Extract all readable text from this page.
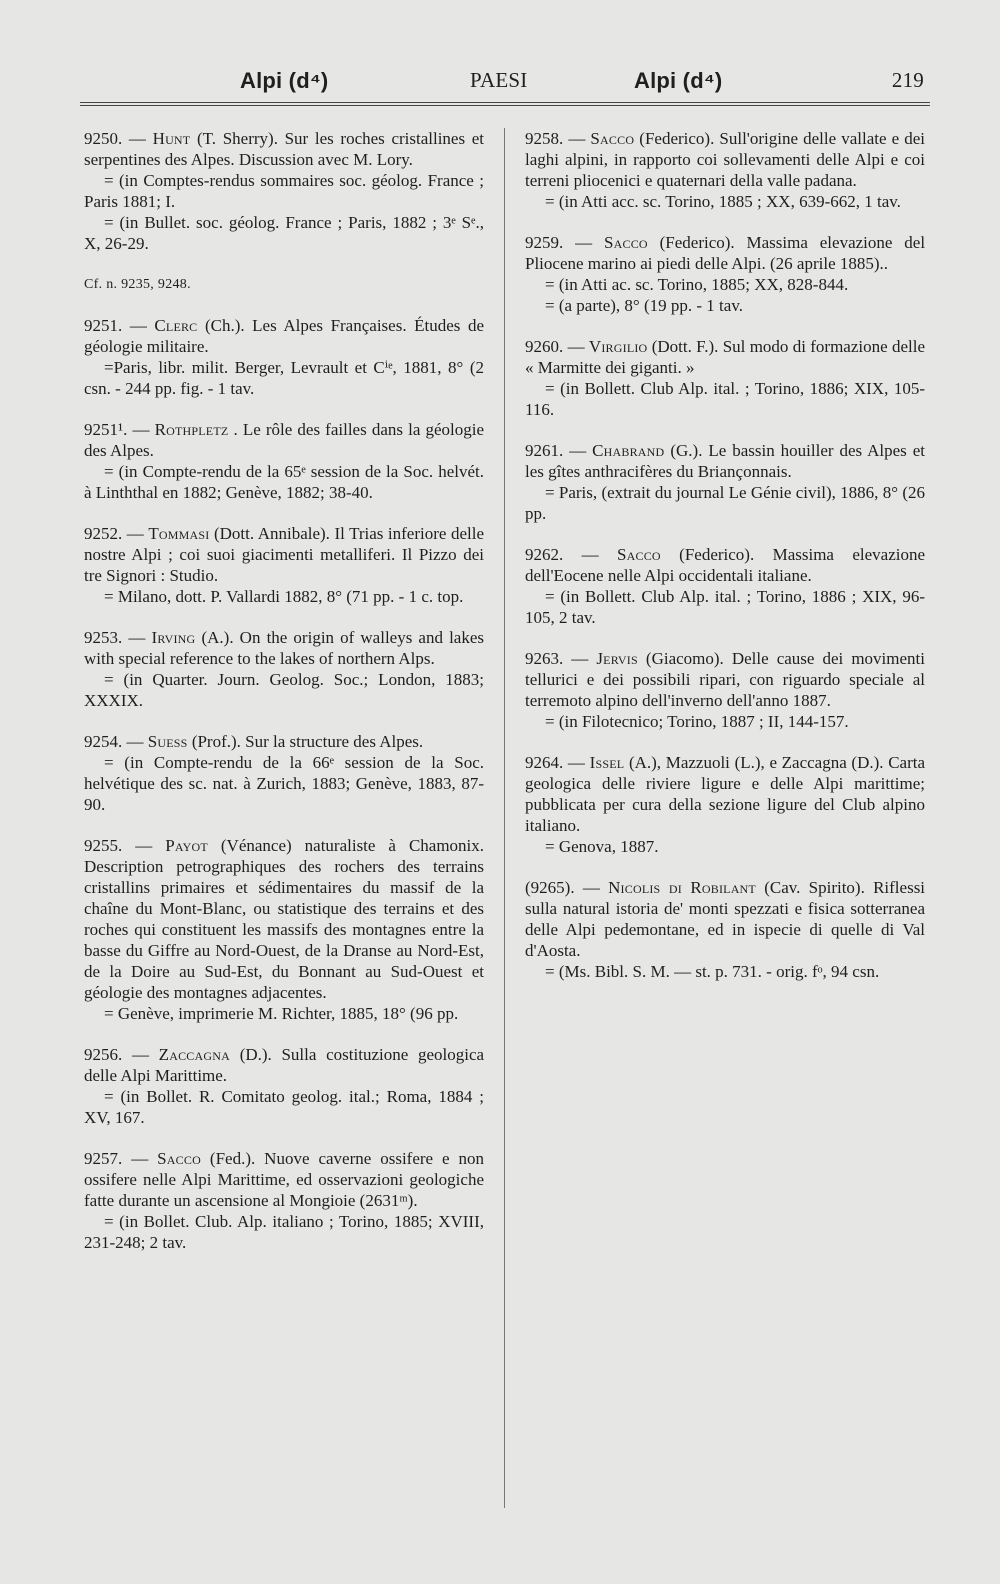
Alpi (d⁴)	PAESI	Alpi (d⁴)	219

9250. — Hunt (T. Sherry). Sur les roches cristallines et serpentines des Alpes. Discussion avec M. Lory.

= (in Comptes-rendus sommaires soc. géolog. France ; Paris 1881; I.

= (in Bullet. soc. géolog. France ; Paris, 1882 ; 3ᵉ Sᵉ., X, 26-29.

Cf. n. 9235, 9248.

9251. — Clerc (Ch.). Les Alpes Françaises. Études de géologie militaire.

=Paris, libr. milit. Berger, Levrault et Cⁱᵉ, 1881, 8° (2 csn. - 244 pp. fig. - 1 tav.

9251¹. — Rothpletz . Le rôle des failles dans la géologie des Alpes.

= (in Compte-rendu de la 65ᵉ session de la Soc. helvét. à Linththal en 1882; Genève, 1882; 38-40.

9252. — Tommasi (Dott. Annibale). Il Trias inferiore delle nostre Alpi ; coi suoi giacimenti metalliferi. Il Pizzo dei tre Signori : Studio.

= Milano, dott. P. Vallardi 1882, 8° (71 pp. - 1 c. top.

9253. — Irving (A.). On the origin of walleys and lakes with special reference to the lakes of northern Alps.

= (in Quarter. Journ. Geolog. Soc.; London, 1883; XXXIX.

9254. — Suess (Prof.). Sur la structure des Alpes.

= (in Compte-rendu de la 66ᵉ session de la Soc. helvétique des sc. nat. à Zurich, 1883; Genève, 1883, 87-90.

9255. — Payot (Vénance) naturaliste à Chamonix. Description petrographiques des rochers des terrains cristallins primaires et sédimentaires du massif de la chaîne du Mont-Blanc, ou statistique des terrains et des roches qui constituent les massifs des montagnes entre la basse du Giffre au Nord-Ouest, de la Dranse au Nord-Est, de la Doire au Sud-Est, du Bonnant au Sud-Ouest et géologie des montagnes adjacentes.

= Genève, imprimerie M. Richter, 1885, 18° (96 pp.

9256. — Zaccagna (D.). Sulla costituzione geologica delle Alpi Marittime.

= (in Bollet. R. Comitato geolog. ital.; Roma, 1884 ; XV, 167.

9257. — Sacco (Fed.). Nuove caverne ossifere e non ossifere nelle Alpi Marittime, ed osservazioni geologiche fatte durante un ascensione al Mongioie (2631ᵐ).

= (in Bollet. Club. Alp. italiano ; Torino, 1885; XVIII, 231-248; 2 tav.

9258. — Sacco (Federico). Sull'origine delle vallate e dei laghi alpini, in rapporto coi sollevamenti delle Alpi e coi terreni pliocenici e quaternari della valle padana.

= (in Atti acc. sc. Torino, 1885 ; XX, 639-662, 1 tav.

9259. — Sacco (Federico). Massima elevazione del Pliocene marino ai piedi delle Alpi. (26 aprile 1885)..

= (in Atti ac. sc. Torino, 1885; XX, 828-844.

= (a parte), 8° (19 pp. - 1 tav.

9260. — Virgilio (Dott. F.). Sul modo di formazione delle « Marmitte dei giganti. »

= (in Bollett. Club Alp. ital. ; Torino, 1886; XIX, 105-116.

9261. — Chabrand (G.). Le bassin houiller des Alpes et les gîtes anthracifères du Briançonnais.

= Paris, (extrait du journal Le Génie civil), 1886, 8° (26 pp.

9262. — Sacco (Federico). Massima elevazione dell'Eocene nelle Alpi occidentali italiane.

= (in Bollett. Club Alp. ital. ; Torino, 1886 ; XIX, 96-105, 2 tav.

9263. — Jervis (Giacomo). Delle cause dei movimenti tellurici e dei possibili ripari, con riguardo speciale al terremoto alpino dell'inverno dell'anno 1887.

= (in Filotecnico; Torino, 1887 ; II, 144-157.

9264. — Issel (A.), Mazzuoli (L.), e Zaccagna (D.). Carta geologica delle riviere ligure e delle Alpi marittime; pubblicata per cura della sezione ligure del Club alpino italiano.

= Genova, 1887.

(9265). — Nicolis di Robilant (Cav. Spirito). Riflessi sulla natural istoria de' monti spezzati e fisica sotterranea delle Alpi pedemontane, ed in ispecie di quelle di Val d'Aosta.

= (Ms. Bibl. S. M. — st. p. 731. - orig. fᵒ, 94 csn.
